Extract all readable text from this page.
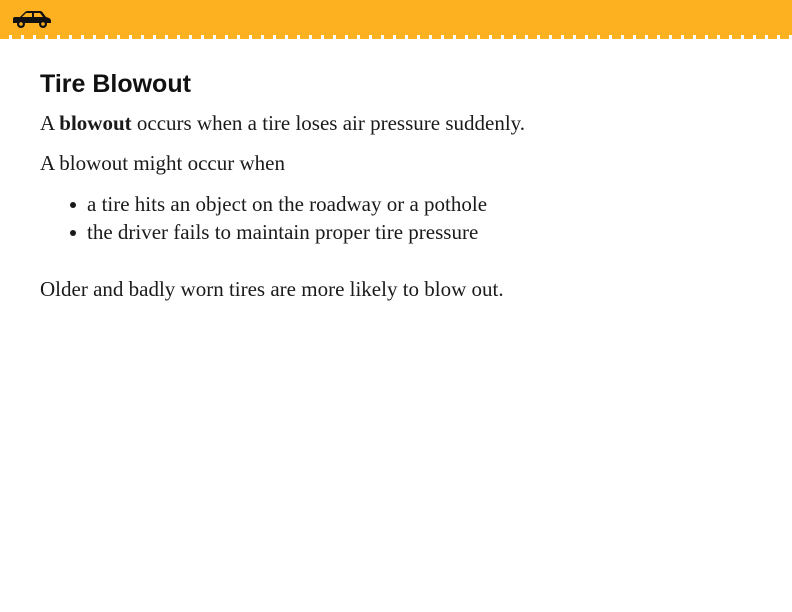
Tire Blowout

A blowout occurs when a tire loses air pressure suddenly.

A blowout might occur when

a tire hits an object on the roadway or a pothole
the driver fails to maintain proper tire pressure

Older and badly worn tires are more likely to blow out.
